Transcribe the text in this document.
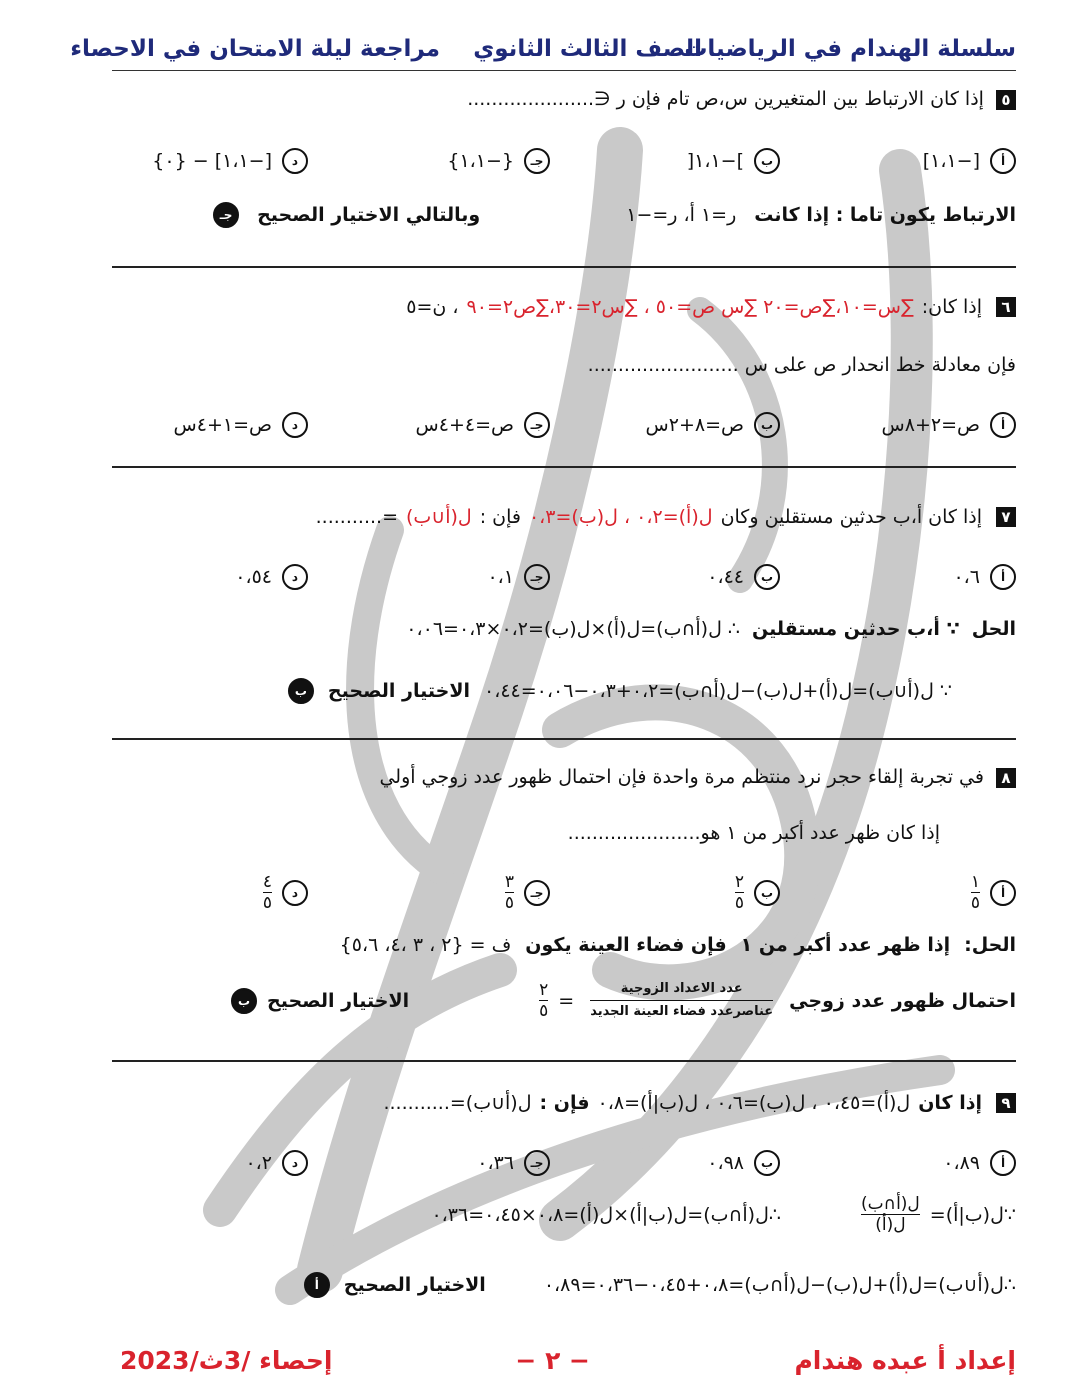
سلسلة الهندام في الرياضيات
الصف الثالث الثانوي
مراجعة ليلة الامتحان في الاحصاء
٥ إذا كان الارتباط بين المتغيرين س،ص تام فإن ر ∈.....................
أ
[−١،١]
ب
]−١،١[
جـ
{−١،١}
د
[−١،١] − {٠}
الارتباط يكون تاما : إذا كانت
ر=١ أ، ر=−١
وبالتالي الاختيار الصحيح
جـ
٦
إذا كان:
∑س=١٠،∑ص=٢٠ ∑س ص=٥٠ ، ∑س٢=٣٠،∑ص٢=٩٠
، ن=٥
فإن معادلة خط انحدار ص على س .........................
أ
ص=٢+٨س
ب
ص=٨+٢س
جـ
ص=٤+٤س
د
ص=١+٤س
٧
إذا كان أ،ب حدثين مستقلين وكان
ل(أ)=٠،٢ ، ل(ب)=٠،٣
فإن :
ل(أ∪ب)
=...........
أ
٠،٦
ب
٠،٤٤
جـ
٠،١
د
٠،٥٤
الحل
∵ أ،ب حدثين مستقلين
∴ ل(أ∩ب)=ل(أ)×ل(ب)=٠،٢×٠،٣=٠،٠٦
∵ ل(أ∪ب)=ل(أ)+ل(ب)−ل(أ∩ب)=٠،٢+٠،٣−٠،٠٦=٠،٤٤
الاختيار الصحيح
ب
٨ في تجربة إلقاء حجر نرد منتظم مرة واحدة فإن احتمال ظهور عدد زوجي أولي
إذا كان ظهر عدد أكبر من ١ هو......................
أ
$\frac{١}{٥}$
ب
$\frac{٢}{٥}$
جـ
$\frac{٣}{٥}$
د
$\frac{٤}{٥}$
الحل:
إذا ظهر عدد أكبر من ١
فإن فضاء العينة يكون
ف = {٢ ، ٣ ،٤، ٥،٦}
احتمال ظهور عدد زوجي
$\frac{\text{عدد الاعداد الزوجية}}{\text{عناصرعدد فضاء العينة الجديد}}$
=
$\frac{٢}{٥}$
الاختيار الصحيح
ب
٩
إذا كان
ل(أ)=٠،٤٥ ، ل(ب)=٠،٦ ، ل(ب|أ)=٠،٨
فإن :
ل(أ∪ب)=...........
أ
٠،٨٩
ب
٠،٩٨
جـ
٠،٣٦
د
٠،٢
∵ل(ب|أ)=
$\frac{\text{ل(أ∩ب)}}{\text{ل(أ)}}$
∴ل(أ∩ب)=ل(ب|أ)×ل(أ)=٠،٨×٠،٤٥=٠،٣٦
∴ل(أ∪ب)=ل(أ)+ل(ب)−ل(أ∩ب)=٠،٨+٠،٤٥−٠،٣٦=٠،٨٩
الاختيار الصحيح
أ
إعداد أ عبده هندام
− ٢ −
إحصاء /3ث/2023
